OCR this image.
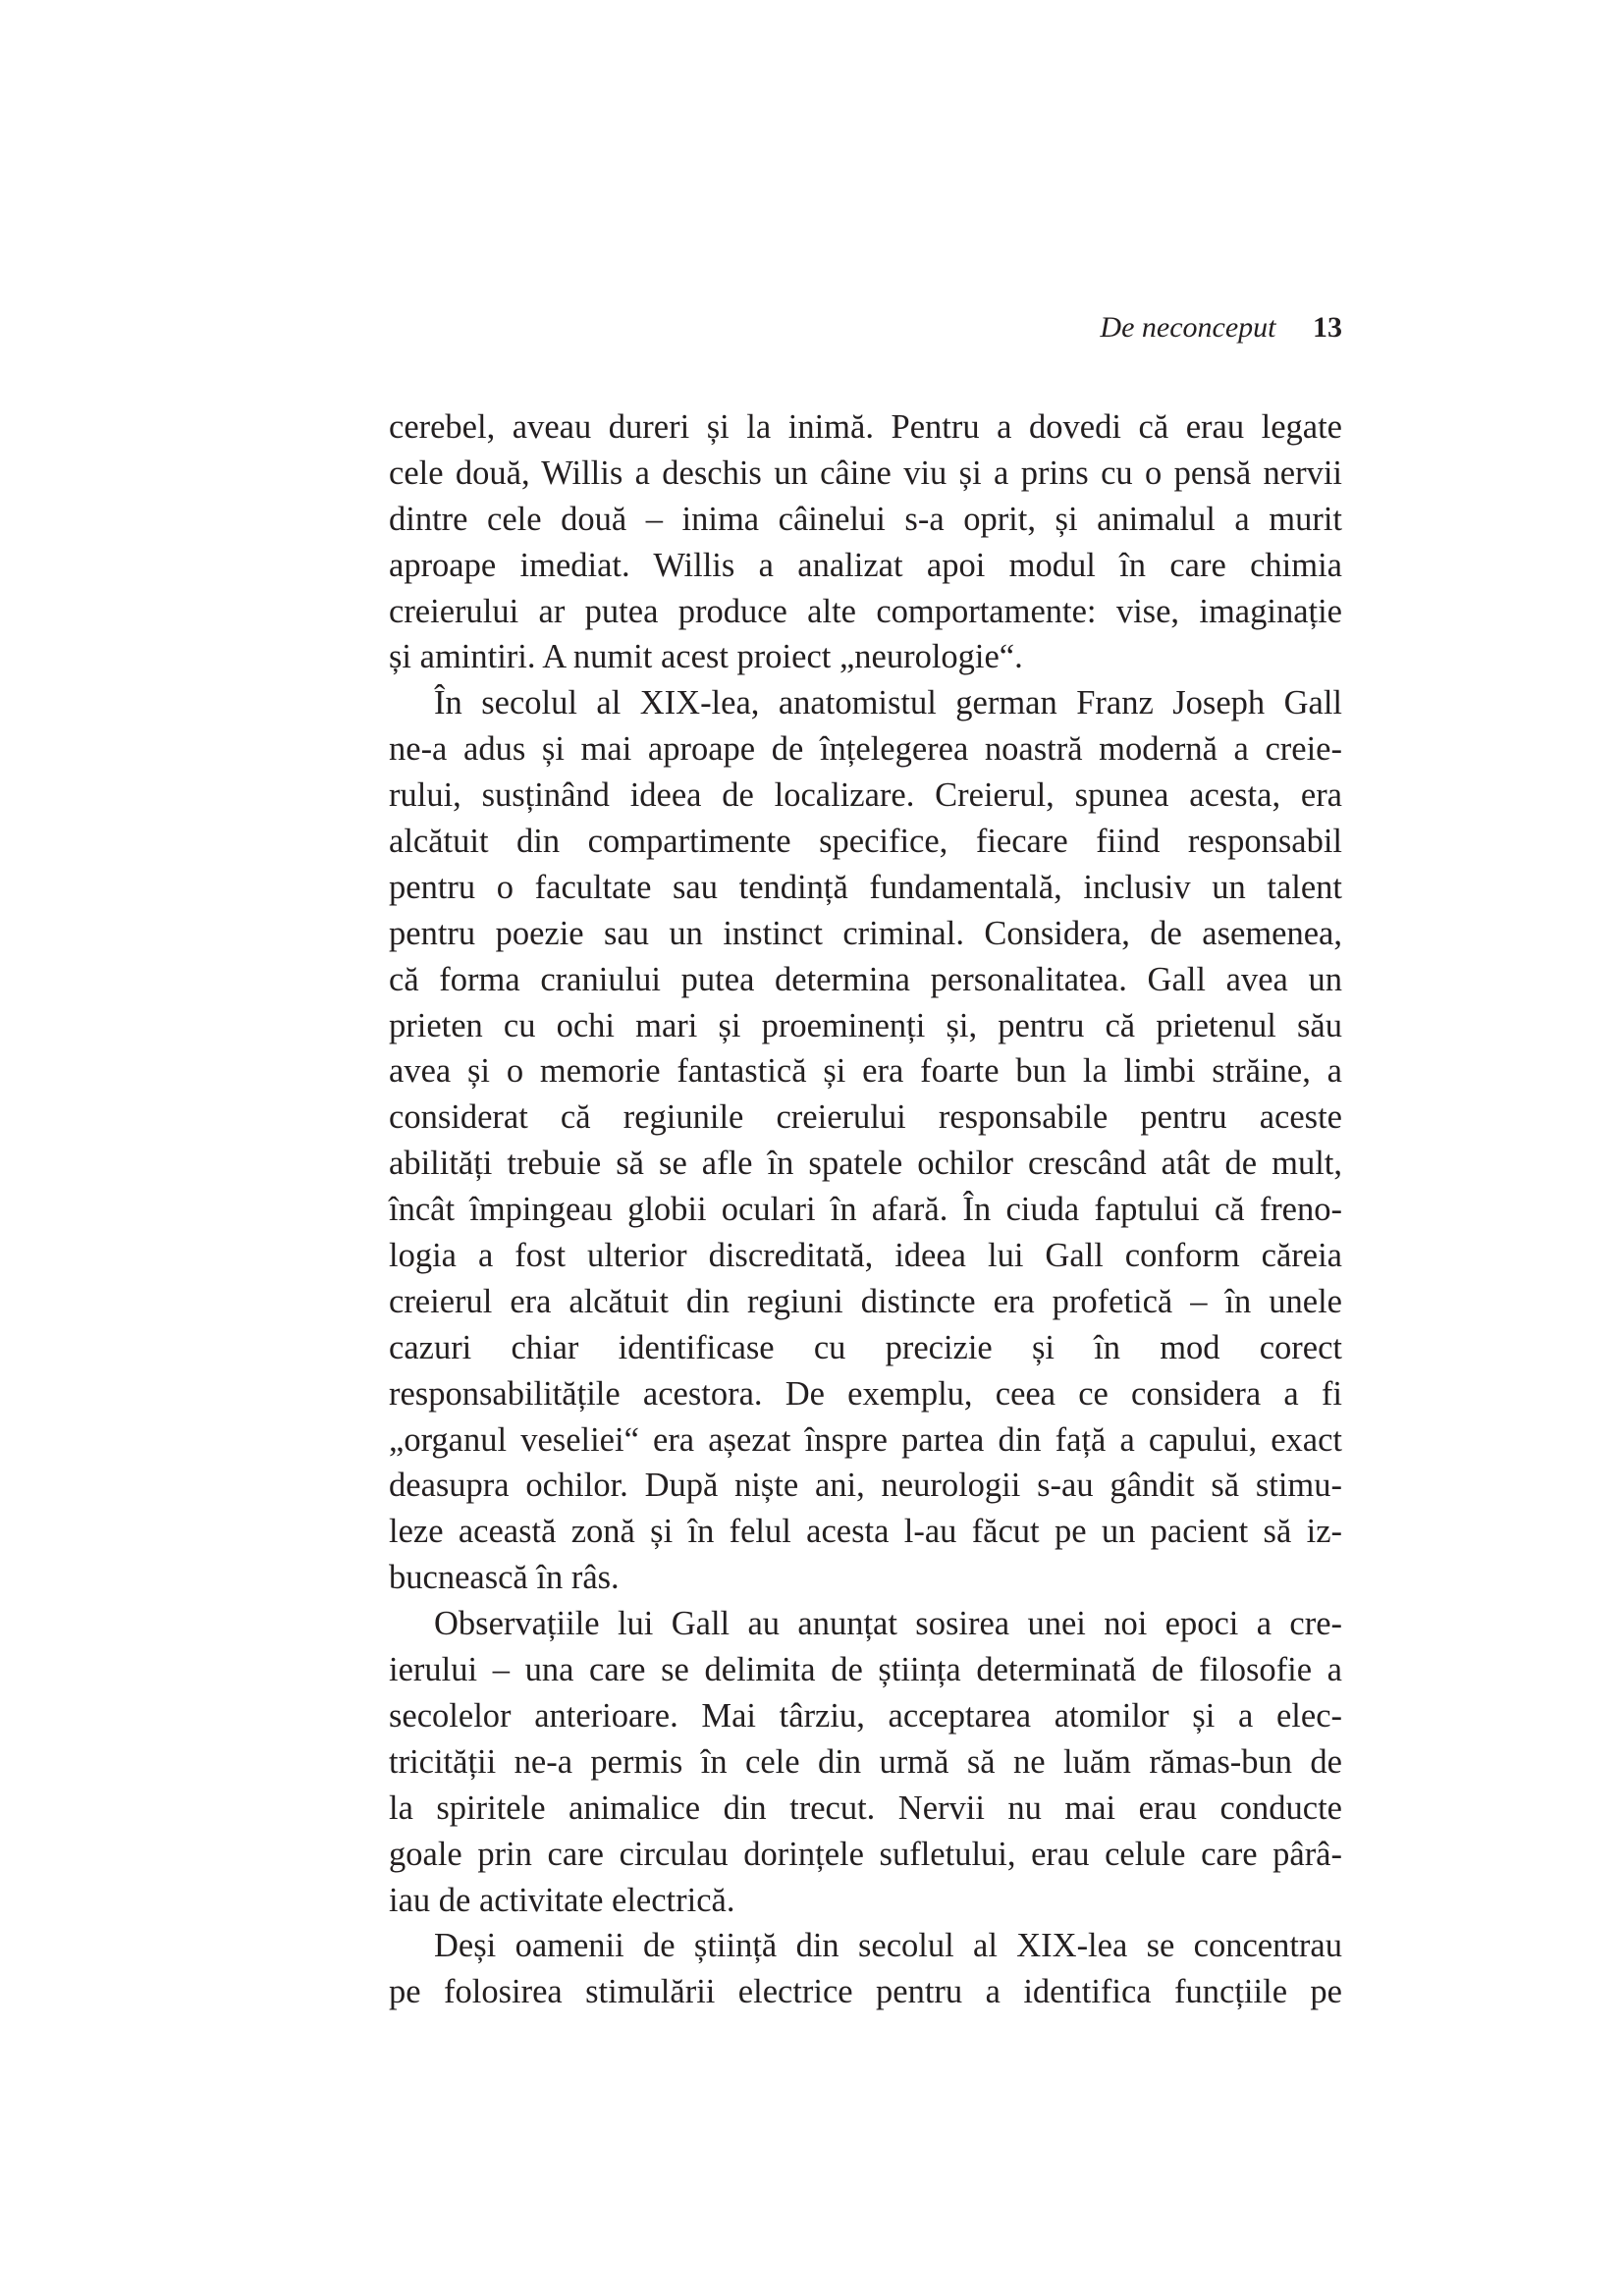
De neconceput 13
cerebel, aveau dureri și la inimă. Pentru a dovedi că erau legate
cele două, Willis a deschis un câine viu și a prins cu o pensă nervii
dintre cele două – inima câinelui s-a oprit, și animalul a murit
aproape imediat. Willis a analizat apoi modul în care chimia
creierului ar putea produce alte comportamente: vise, imaginație
și amintiri. A numit acest proiect „neurologie“.
În secolul al XIX-lea, anatomistul german Franz Joseph Gall
ne-a adus și mai aproape de înțelegerea noastră modernă a creie-
rului, susținând ideea de localizare. Creierul, spunea acesta, era
alcătuit din compartimente specifice, fiecare fiind responsabil
pentru o facultate sau tendință fundamentală, inclusiv un talent
pentru poezie sau un instinct criminal. Considera, de asemenea,
că forma craniului putea determina personalitatea. Gall avea un
prieten cu ochi mari și proeminenți și, pentru că prietenul său
avea și o memorie fantastică și era foarte bun la limbi străine, a
considerat că regiunile creierului responsabile pentru aceste
abilități trebuie să se afle în spatele ochilor crescând atât de mult,
încât împingeau globii oculari în afară. În ciuda faptului că freno-
logia a fost ulterior discreditată, ideea lui Gall conform căreia
creierul era alcătuit din regiuni distincte era profetică – în unele
cazuri chiar identificase cu precizie și în mod corect
responsabilitățile acestora. De exemplu, ceea ce considera a fi
„organul veseliei“ era așezat înspre partea din față a capului, exact
deasupra ochilor. După niște ani, neurologii s-au gândit să stimu-
leze această zonă și în felul acesta l-au făcut pe un pacient să iz-
bucnească în râs.
Observațiile lui Gall au anunțat sosirea unei noi epoci a cre-
ierului – una care se delimita de știința determinată de filosofie a
secolelor anterioare. Mai târziu, acceptarea atomilor și a elec-
tricității ne-a permis în cele din urmă să ne luăm rămas-bun de
la spiritele animalice din trecut. Nervii nu mai erau conducte
goale prin care circulau dorințele sufletului, erau celule care pârâ-
iau de activitate electrică.
Deși oamenii de știință din secolul al XIX-lea se concentrau
pe folosirea stimulării electrice pentru a identifica funcțiile pe
